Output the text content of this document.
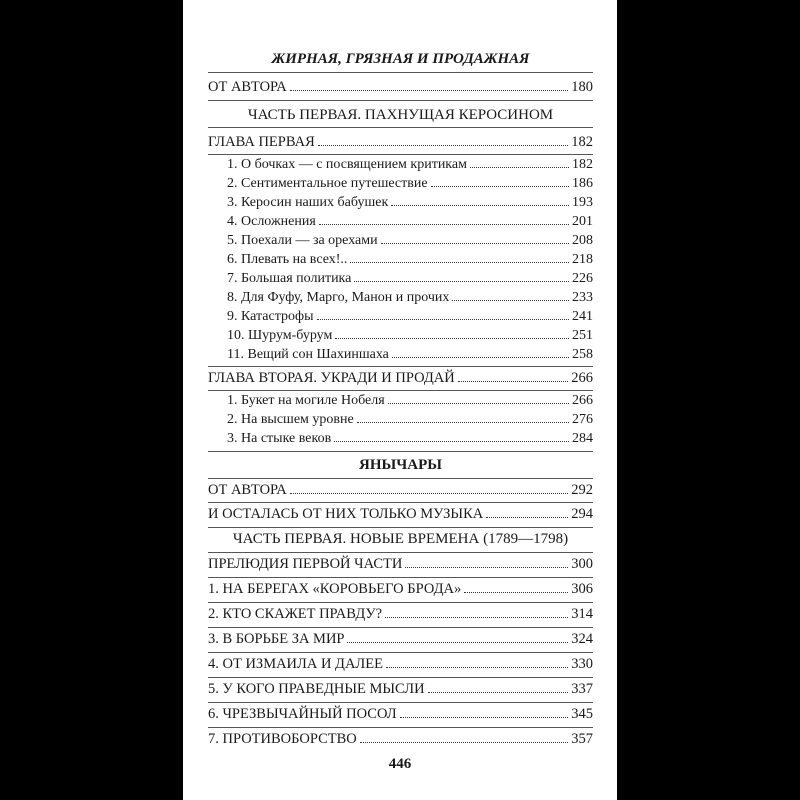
ЖИРНАЯ, ГРЯЗНАЯ И ПРОДАЖНАЯ
ОТ АВТОРА	180
ЧАСТЬ ПЕРВАЯ. ПАХНУЩАЯ КЕРОСИНОМ
ГЛАВА ПЕРВАЯ	182
1. О бочках — с посвящением критикам	182
2. Сентиментальное путешествие	186
3. Керосин наших бабушек	193
4. Осложнения	201
5. Поехали — за орехами	208
6. Плевать на всех!..	218
7. Большая политика	226
8. Для Фуфу, Марго, Манон и прочих	233
9. Катастрофы	241
10. Шурум-бурум	251
11. Вещий сон Шахиншаха	258
ГЛАВА ВТОРАЯ. УКРАДИ И ПРОДАЙ	266
1. Букет на могиле Нобеля	266
2. На высшем уровне	276
3. На стыке веков	284
ЯНЫЧАРЫ
ОТ АВТОРА	292
И ОСТАЛАСЬ ОТ НИХ ТОЛЬКО МУЗЫКА	294
ЧАСТЬ ПЕРВАЯ. НОВЫЕ ВРЕМЕНА (1789—1798)
ПРЕЛЮДИЯ ПЕРВОЙ ЧАСТИ	300
1. НА БЕРЕГАХ «КОРОВЬЕГО БРОДА»	306
2. КТО СКАЖЕТ ПРАВДУ?	314
3. В БОРЬБЕ ЗА МИР	324
4. ОТ ИЗМАИЛА И ДАЛЕЕ	330
5. У КОГО ПРАВЕДНЫЕ МЫСЛИ	337
6. ЧРЕЗВЫЧАЙНЫЙ ПОСОЛ	345
7. ПРОТИВОБОРСТВО	357
446
